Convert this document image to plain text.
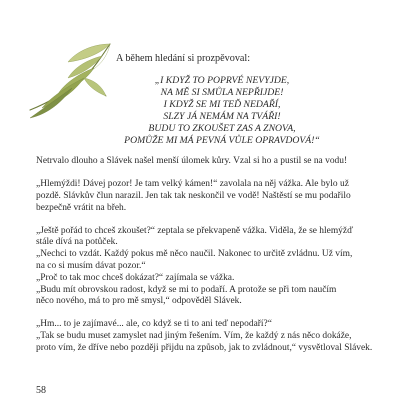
A během hledání si prozpěvoval:

„I KDYŽ TO POPRVÉ NEVYJDE,
NA MĚ SI SMŮLA NEPŘIJDE!
I KDYŽ SE MI TEĎ NEDAŘÍ,
SLZY JÁ NEMÁM NA TVÁŘI!
BUDU TO ZKOUŠET ZAS A ZNOVA,
POMŮŽE MI MÁ PEVNÁ VŮLE OPRAVDOVÁ!“

Netrvalo dlouho a Slávek našel menší úlomek kůry. Vzal si ho a pustil se na vodu!

„Hlemýždi! Dávej pozor! Je tam velký kámen!“ zavolala na něj vážka. Ale bylo už
pozdě. Slávkův člun narazil. Jen tak tak neskončil ve vodě! Naštěstí se mu podařilo
bezpečně vrátit na břeh.

„Ještě pořád to chceš zkoušet?“ zeptala se překvapeně vážka. Viděla, že se hlemýžď
stále dívá na potůček.
„Nechci to vzdát. Každý pokus mě něco naučil. Nakonec to určitě zvládnu. Už vím,
na co si musím dávat pozor.“
„Proč to tak moc chceš dokázat?“ zajímala se vážka.
„Budu mít obrovskou radost, když se mi to podaří. A protože se při tom naučím
něco nového, má to pro mě smysl,“ odpověděl Slávek.

„Hm... to je zajímavé... ale, co když se ti to ani teď nepodaří?“
„Tak se budu muset zamyslet nad jiným řešením. Vím, že každý z nás něco dokáže,
proto vím, že dříve nebo později přijdu na způsob, jak to zvládnout,“ vysvětloval Slávek.

58
